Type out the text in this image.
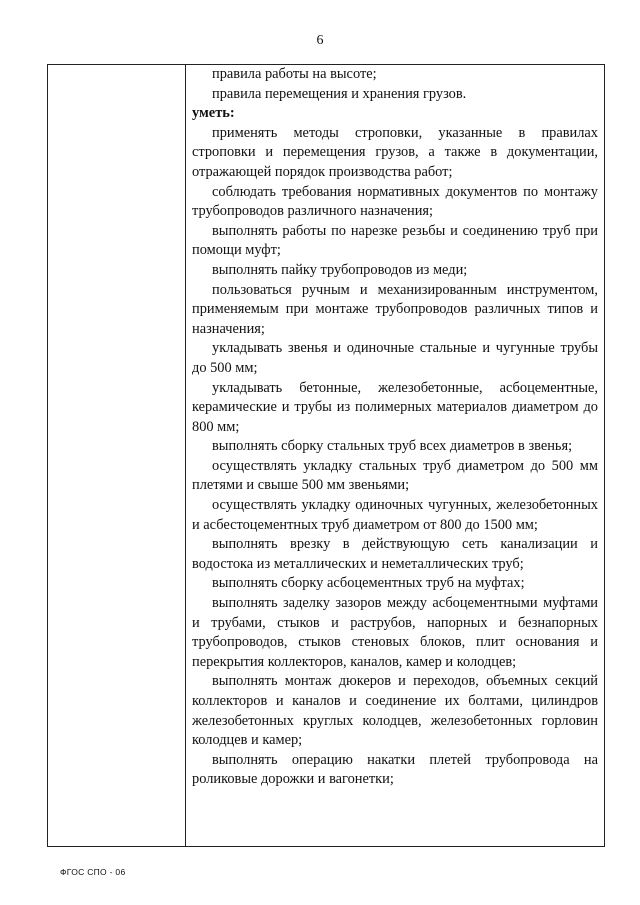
6

правила работы на высоте;

правила перемещения и хранения грузов.

уметь:

применять методы строповки, указанные в правилах строповки и перемещения грузов, а также в документации, отражающей порядок производства работ;

соблюдать требования нормативных документов по монтажу трубопроводов различного назначения;

выполнять работы по нарезке резьбы и соединению труб при помощи муфт;

выполнять пайку трубопроводов из меди;

пользоваться ручным и механизированным инструментом, применяемым при монтаже трубопроводов различных типов и назначения;

укладывать звенья и одиночные стальные и чугунные трубы до 500 мм;

укладывать бетонные, железобетонные, асбоцементные, керамические и трубы из полимерных материалов диаметром до 800 мм;

выполнять сборку стальных труб всех диаметров в звенья;

осуществлять укладку стальных труб диаметром до 500 мм плетями и свыше 500 мм звеньями;

осуществлять укладку одиночных чугунных, железобетонных и асбестоцементных труб диаметром от 800 до 1500 мм;

выполнять врезку в действующую сеть канализации и водостока из металлических и неметаллических труб;

выполнять сборку асбоцементных труб на муфтах;

выполнять заделку зазоров между асбоцементными муфтами и трубами, стыков и раструбов, напорных и безнапорных трубопроводов, стыков стеновых блоков, плит основания и перекрытия коллекторов, каналов, камер и колодцев;

выполнять монтаж дюкеров и переходов, объемных секций коллекторов и каналов и соединение их болтами, цилиндров железобетонных круглых колодцев, железобетонных горловин колодцев и камер;

выполнять операцию накатки плетей трубопровода на роликовые дорожки и вагонетки;

ФГОС СПО - 06
